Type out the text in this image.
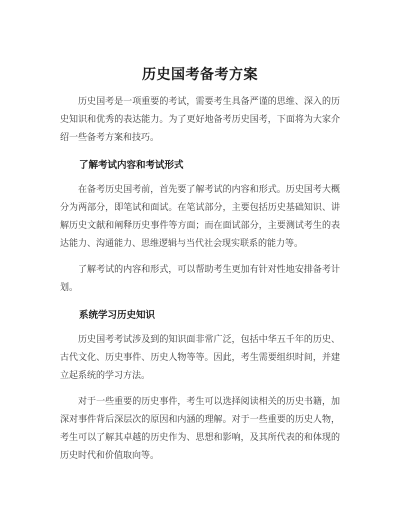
历史国考备考方案

历史国考是一项重要的考试，需要考生具备严谨的思维、深入的历史知识和优秀的表达能力。为了更好地备考历史国考，下面将为大家介绍一些备考方案和技巧。

了解考试内容和考试形式

在备考历史国考前，首先要了解考试的内容和形式。历史国考大概分为两部分，即笔试和面试。在笔试部分，主要包括历史基础知识、讲解历史文献和阐释历史事件等方面；而在面试部分，主要测试考生的表达能力、沟通能力、思维逻辑与当代社会现实联系的能力等。

了解考试的内容和形式，可以帮助考生更加有针对性地安排备考计划。

系统学习历史知识

历史国考考试涉及到的知识面非常广泛，包括中华五千年的历史、古代文化、历史事件、历史人物等等。因此，考生需要组织时间，并建立起系统的学习方法。

对于一些重要的历史事件，考生可以选择阅读相关的历史书籍，加深对事件背后深层次的原因和内涵的理解。对于一些重要的历史人物，考生可以了解其卓越的历史作为、思想和影响，及其所代表的和体现的历史时代和价值取向等。
